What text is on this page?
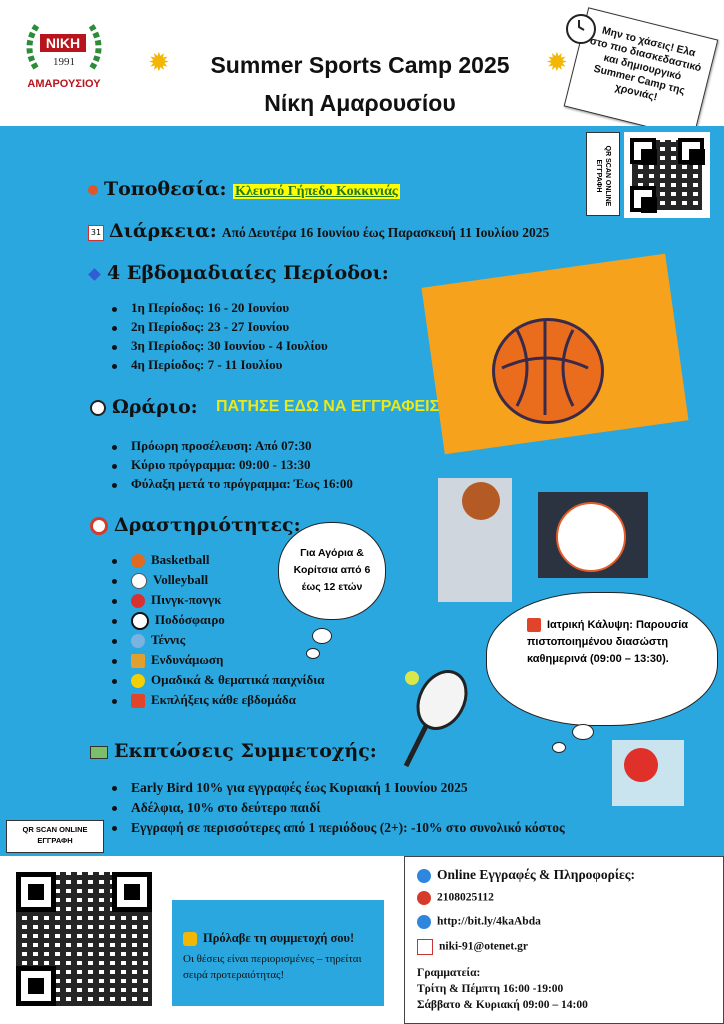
ΝΙΚΗ
1991
ΑΜΑΡΟΥΣΙΟΥ
✹	✹
Summer Sports Camp 2025
Νίκη Αμαρουσίου
Μην το χάσεις! Ελα στο πιο διασκεδαστικό και δημιουργικό Summer Camp της χρονιάς!
QR SCAN ONLINE ΕΓΓΡΑΦΗ
Τοποθεσία: Κλειστό Γήπεδο Κοκκινιάς
31 Διάρκεια: Από Δευτέρα 16 Ιουνίου έως Παρασκευή 11 Ιουλίου 2025
4 Εβδομαδιαίες Περίοδοι:
1η Περίοδος: 16 - 20 Ιουνίου
2η Περίοδος: 23 - 27 Ιουνίου
3η Περίοδος: 30 Ιουνίου - 4 Ιουλίου
4η Περίοδος: 7 - 11 Ιουλίου
Ωράριο: ΠΑΤΗΣΕ ΕΔΩ ΝΑ ΕΓΓΡΑΦΕΙΣ
Πρόωρη προσέλευση: Από 07:30
Κύριο πρόγραμμα: 09:00 - 13:30
Φύλαξη μετά το πρόγραμμα: Έως 16:00
Δραστηριότητες:
Basketball
Volleyball
Πινγκ-πονγκ
Ποδόσφαιρο
Τέννις
Ενδυνάμωση
Ομαδικά & θεματικά παιχνίδια
Εκπλήξεις κάθε εβδομάδα
Για Αγόρια & Κορίτσια από 6 έως 12 ετών
Ιατρική Κάλυψη: Παρουσία πιστοποιημένου διασώστη καθημερινά (09:00 – 13:30).
Εκπτώσεις Συμμετοχής:
Early Bird 10% για εγγραφές έως Κυριακή 1 Ιουνίου 2025
Αδέλφια, 10% στο δεύτερο παιδί
Εγγραφή σε περισσότερες από 1 περιόδους (2+): -10% στο συνολικό κόστος
QR SCAN ONLINE ΕΓΓΡΑΦΗ
Πρόλαβε τη συμμετοχή σου!
Οι θέσεις είναι περιορισμένες – τηρείται σειρά προτεραιότητας!
Online Εγγραφές & Πληροφορίες:
2108025112
http://bit.ly/4kaAbda
niki-91@otenet.gr
Γραμματεία:
Τρίτη & Πέμπτη 16:00 -19:00
Σάββατο & Κυριακή 09:00 – 14:00
